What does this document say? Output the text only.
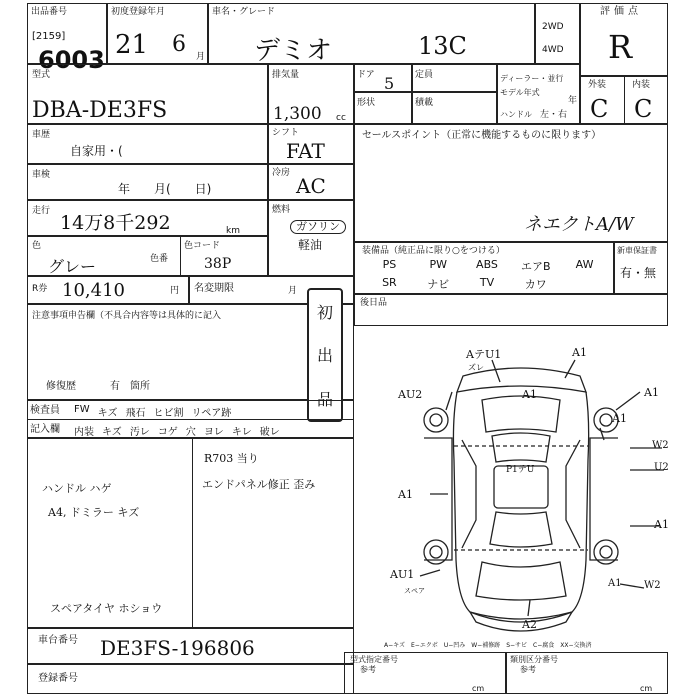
出品番号
[2159]
6003
初度登録年月
21 6 月
車名・グレード
デミオ	13C
2WD
4WD
評価点
R
型式
DBA-DE3FS
排気量
1,300 cc
ドア 5 定員
形状	積載
ディーラー・並行
モデル年式
年
ハンドル 左・右
外装	内装
C C
車歴
自家用・(
車検
年　　月(　　日)
走行
14万8千292	km
色
色番
色コード
グレー	38P
シフト
FAT
冷房
AC
燃料
ガソリン
軽油
セールスポイント（正常に機能するものに限ります）
ネエクトA/W
装備品（純正品に限り○をつける）
PS	PW	ABS	エアB	AW
SR	ナビ	TV	カワ
新車保証書
有・無
R券 10,410	円 名変期限	月
注意事項申告欄（不具合内容等は具体的に記入
修復歴	有　箇所
初
出
品
後日品
検査員
記入欄
FW キズ 飛石 ヒビ割 リペア跡
内装 キズ 汚レ コゲ 穴 ヨレ キレ 破レ
R703 当り
エンドパネル修正 歪み
ハンドル ハゲ
A4, ドミラー キズ
スペアタイヤ ホショウ
車台番号 DE3FS-196806
登録番号
型式指定番号
参考
cm
類別区分番号
参考
cm
A−キズ　E−エクボ　U−凹み　W−補修跡　S−サビ　C−腐食　XX−交換済
AテU1	A1
ズレ
AU2	A1	A1
A1
W2
U2
A1
A1
W2
A1
AU1
スペア
A2
P1テU
